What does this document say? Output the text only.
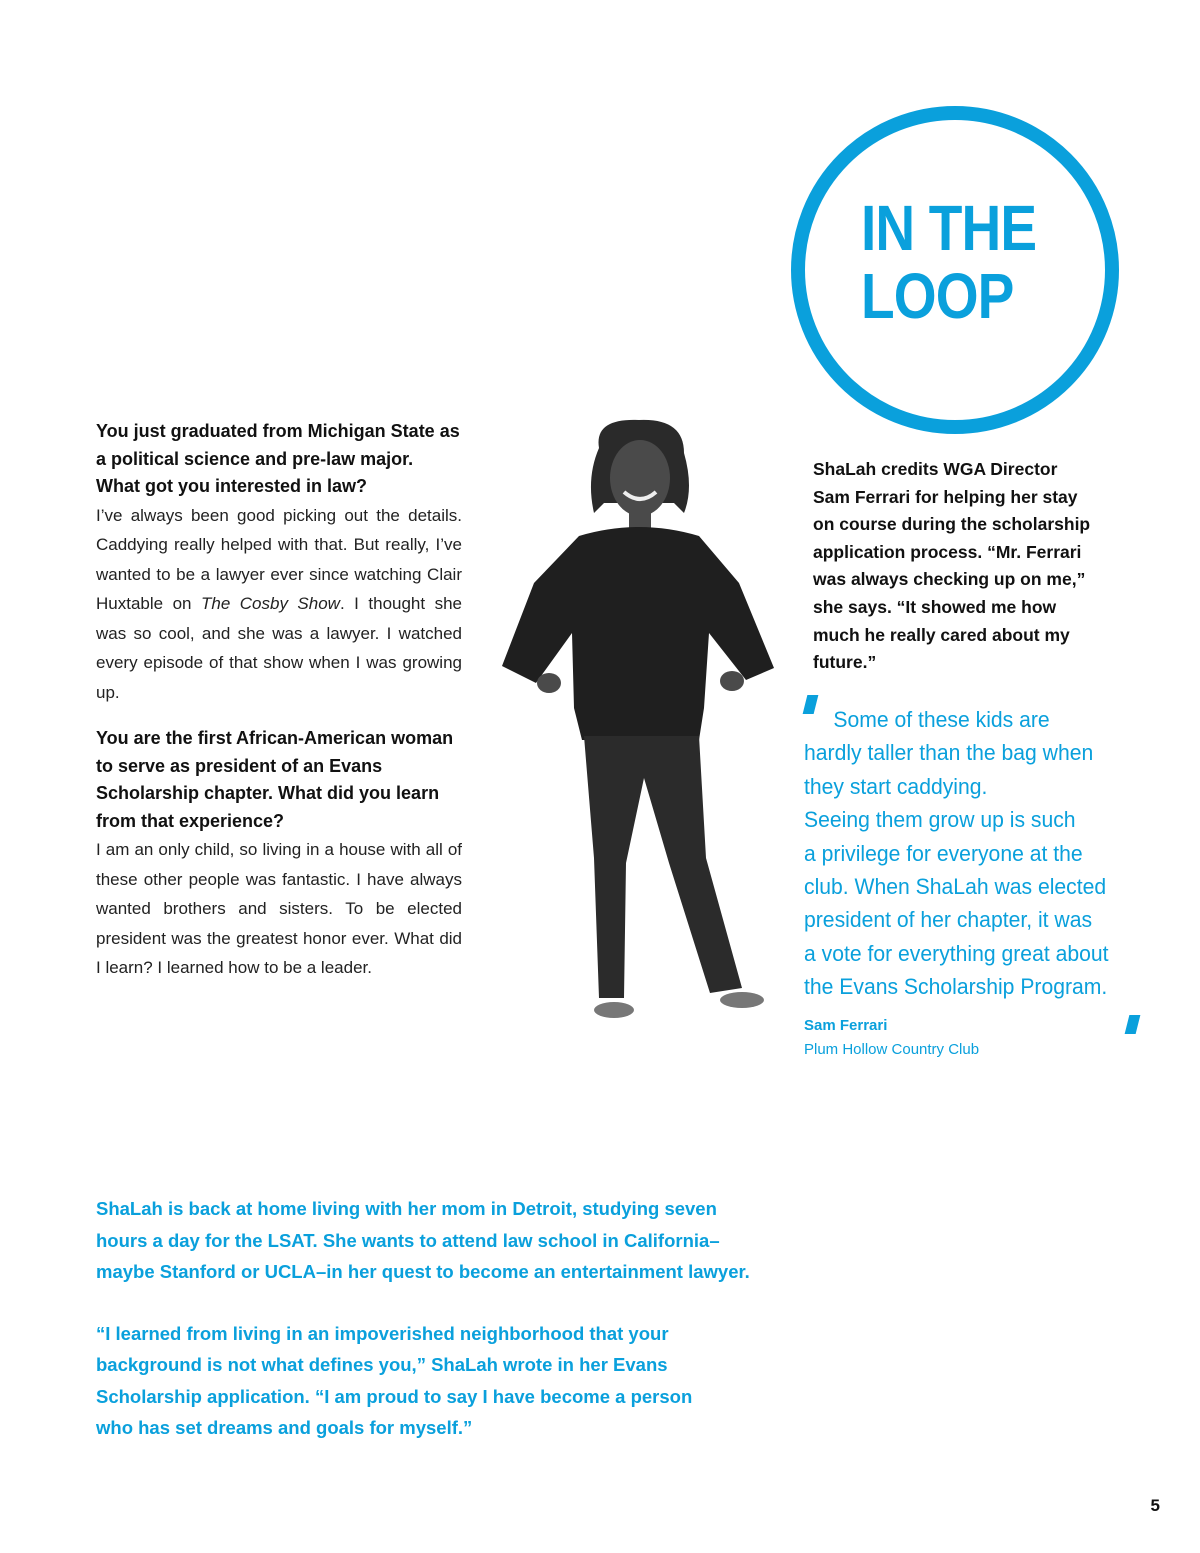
IN THE
LOOP

You just graduated from Michigan State as a political science and pre-law major. What got you interested in law?

I’ve always been good picking out the details. Caddying really helped with that. But really, I’ve wanted to be a lawyer ever since watching Clair Huxtable on The Cosby Show. I thought she was so cool, and she was a lawyer. I watched every episode of that show when I was growing up.

You are the first African-American woman to serve as president of an Evans Scholarship chapter. What did you learn from that experience?

I am an only child, so living in a house with all of these other people was fantastic. I have always wanted brothers and sisters. To be elected president was the greatest honor ever. What did I learn? I learned how to be a leader.

ShaLah credits WGA Director Sam Ferrari for helping her stay on course during the scholarship application process. “Mr. Ferrari was always checking up on me,” she says. “It showed me how much he really cared about my future.”

Some of these kids are

hardly taller than the bag when

they start caddying.

Seeing them grow up is such

a privilege for everyone at the

club. When ShaLah was elected

president of her chapter, it was

a vote for everything great about

the Evans Scholarship Program.

Sam Ferrari
Plum Hollow Country Club

ShaLah is back at home living with her mom in Detroit, studying seven
hours a day for the LSAT. She wants to attend law school in California–
maybe Stanford or UCLA–in her quest to become an entertainment lawyer.

“I learned from living in an impoverished neighborhood that your
background is not what defines you,” ShaLah wrote in her Evans
Scholarship application. “I am proud to say I have become a person
who has set dreams and goals for myself.”

5
